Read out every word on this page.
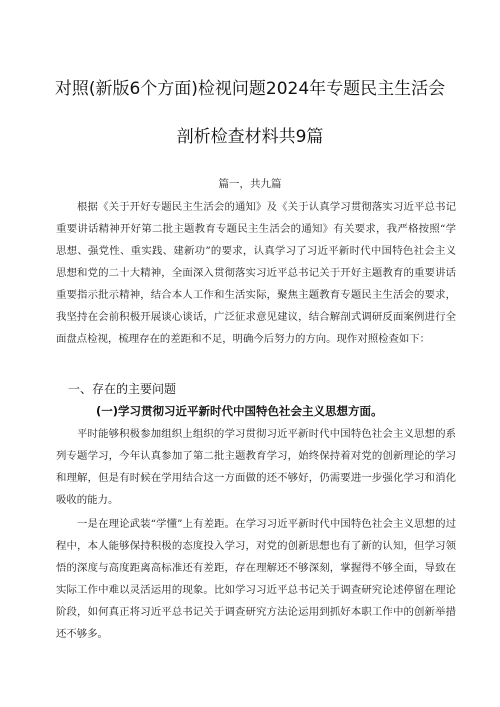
对照(新版6个方面)检视问题2024年专题民主生活会
剖析检查材料共9篇
篇一，共九篇
根据《关于开好专题民主生活会的通知》及《关于认真学习贯彻落实习近平总书记重要讲话精神开好第二批主题教育专题民主生活会的通知》有关要求，我严格按照“学思想、强党性、重实践、建新功”的要求，认真学习了习近平新时代中国特色社会主义思想和党的二十大精神，全面深入贯彻落实习近平总书记关于开好主题教育的重要讲话重要指示批示精神，结合本人工作和生活实际，聚焦主题教育专题民主生活会的要求，我坚持在会前积极开展谈心谈话，广泛征求意见建议，结合解剖式调研反面案例进行全面盘点检视，梳理存在的差距和不足，明确今后努力的方向。现作对照检查如下：
一、存在的主要问题
(一)学习贯彻习近平新时代中国特色社会主义思想方面。
平时能够积极参加组织上组织的学习贯彻习近平新时代中国特色社会主义思想的系列专题学习，今年认真参加了第二批主题教育学习，始终保持着对党的创新理论的学习和理解，但是有时候在学用结合这一方面做的还不够好，仍需要进一步强化学习和消化吸收的能力。
一是在理论武装“学懂”上有差距。在学习习近平新时代中国特色社会主义思想的过程中，本人能够保持积极的态度投入学习，对党的创新思想也有了新的认知，但学习领悟的深度与高度距离高标准还有差距，存在理解还不够深刻，掌握得不够全面，导致在实际工作中难以灵活运用的现象。比如学习习近平总书记关于调查研究论述停留在理论阶段，如何真正将习近平总书记关于调查研究方法论运用到抓好本职工作中的创新举措还不够多。
